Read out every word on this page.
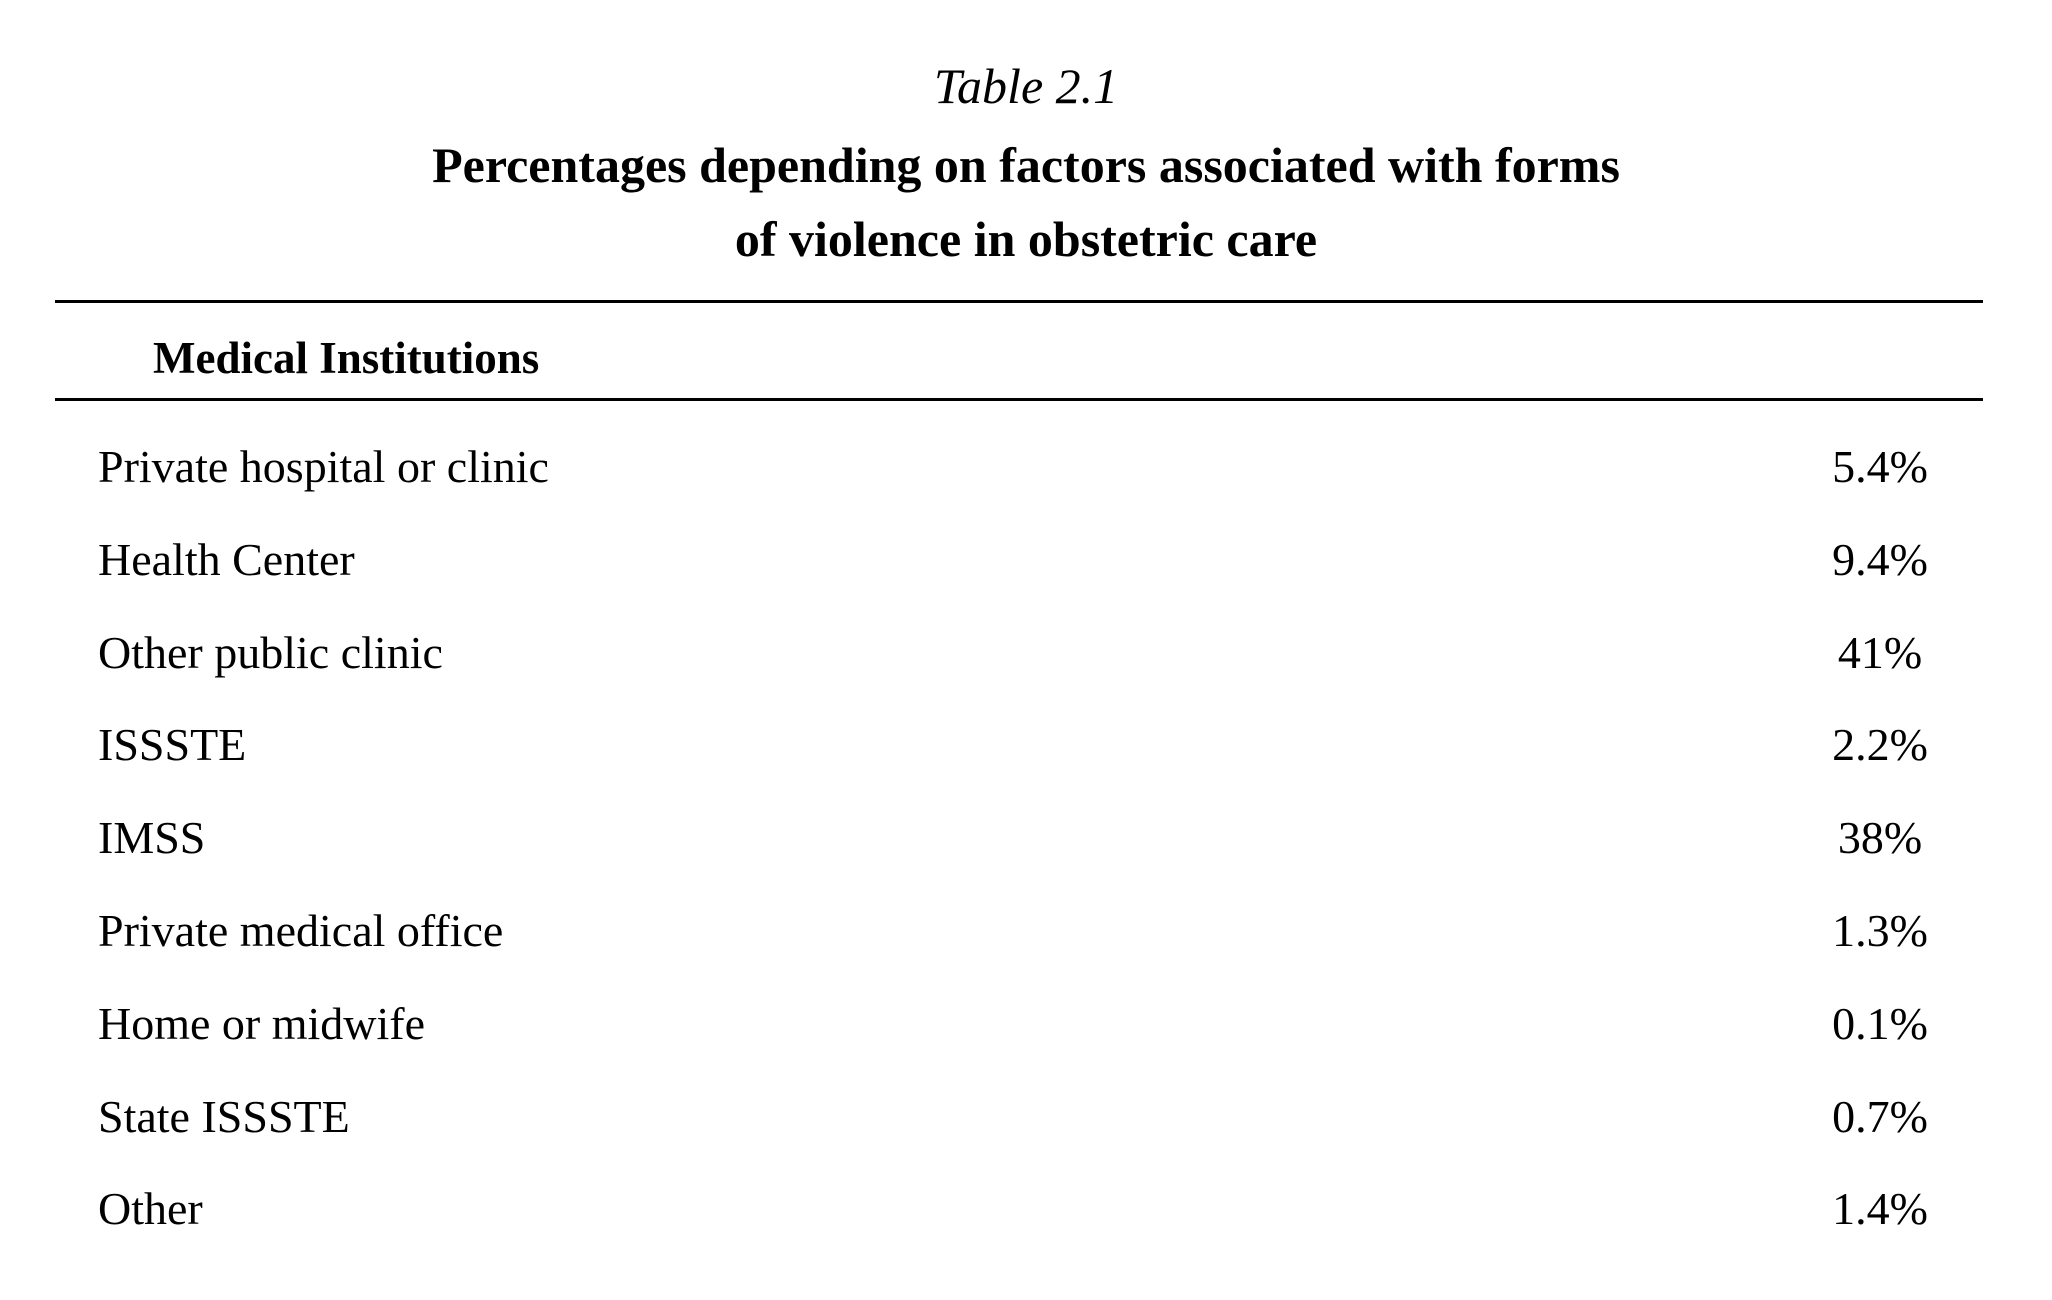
Table 2.1
Percentages depending on factors associated with forms
of violence in obstetric care
Medical Institutions
Private hospital or clinic	5.4%
Health Center	9.4%
Other public clinic	41%
ISSSTE	2.2%
IMSS	38%
Private medical office	1.3%
Home or midwife	0.1%
State ISSSTE	0.7%
Other	1.4%
